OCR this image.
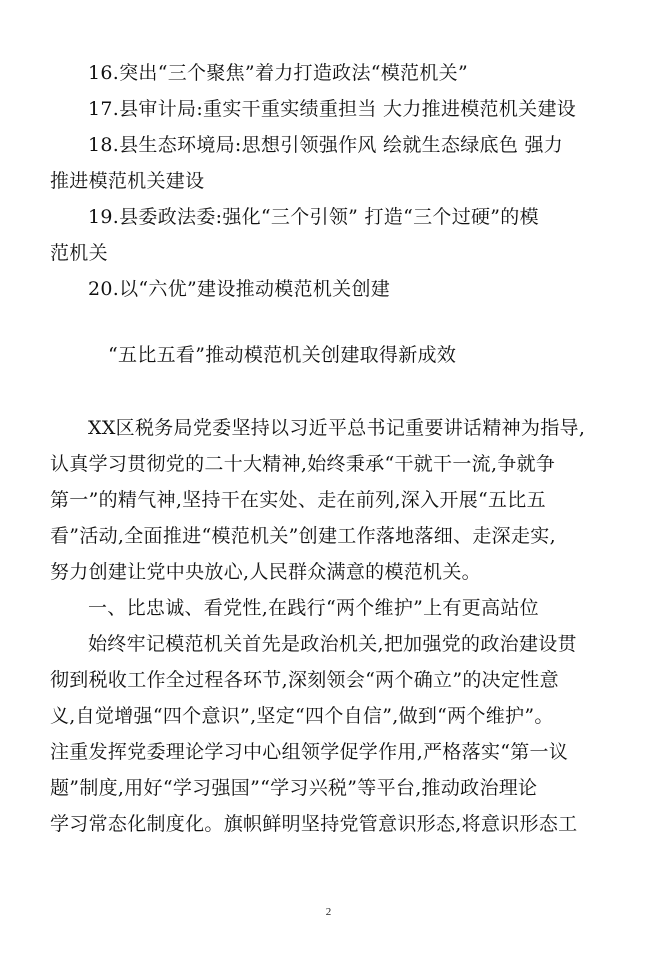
16.突出“三个聚焦”着力打造政法“模范机关”
17.县审计局:重实干重实绩重担当 大力推进模范机关建设
18.县生态环境局:思想引领强作风 绘就生态绿底色 强力
推进模范机关建设
19.县委政法委:强化“三个引领” 打造“三个过硬”的模
范机关
20.以“六优”建设推动模范机关创建
“五比五看”推动模范机关创建取得新成效
XX区税务局党委坚持以习近平总书记重要讲话精神为指导,
认真学习贯彻党的二十大精神,始终秉承“干就干一流,争就争
第一”的精气神,坚持干在实处、走在前列,深入开展“五比五
看”活动,全面推进“模范机关”创建工作落地落细、走深走实,
努力创建让党中央放心,人民群众满意的模范机关。
一、比忠诚、看党性,在践行“两个维护”上有更高站位
始终牢记模范机关首先是政治机关,把加强党的政治建设贯
彻到税收工作全过程各环节,深刻领会“两个确立”的决定性意
义,自觉增强“四个意识”,坚定“四个自信”,做到“两个维护”。
注重发挥党委理论学习中心组领学促学作用,严格落实“第一议
题”制度,用好“学习强国”“学习兴税”等平台,推动政治理论
学习常态化制度化。旗帜鲜明坚持党管意识形态,将意识形态工
2
